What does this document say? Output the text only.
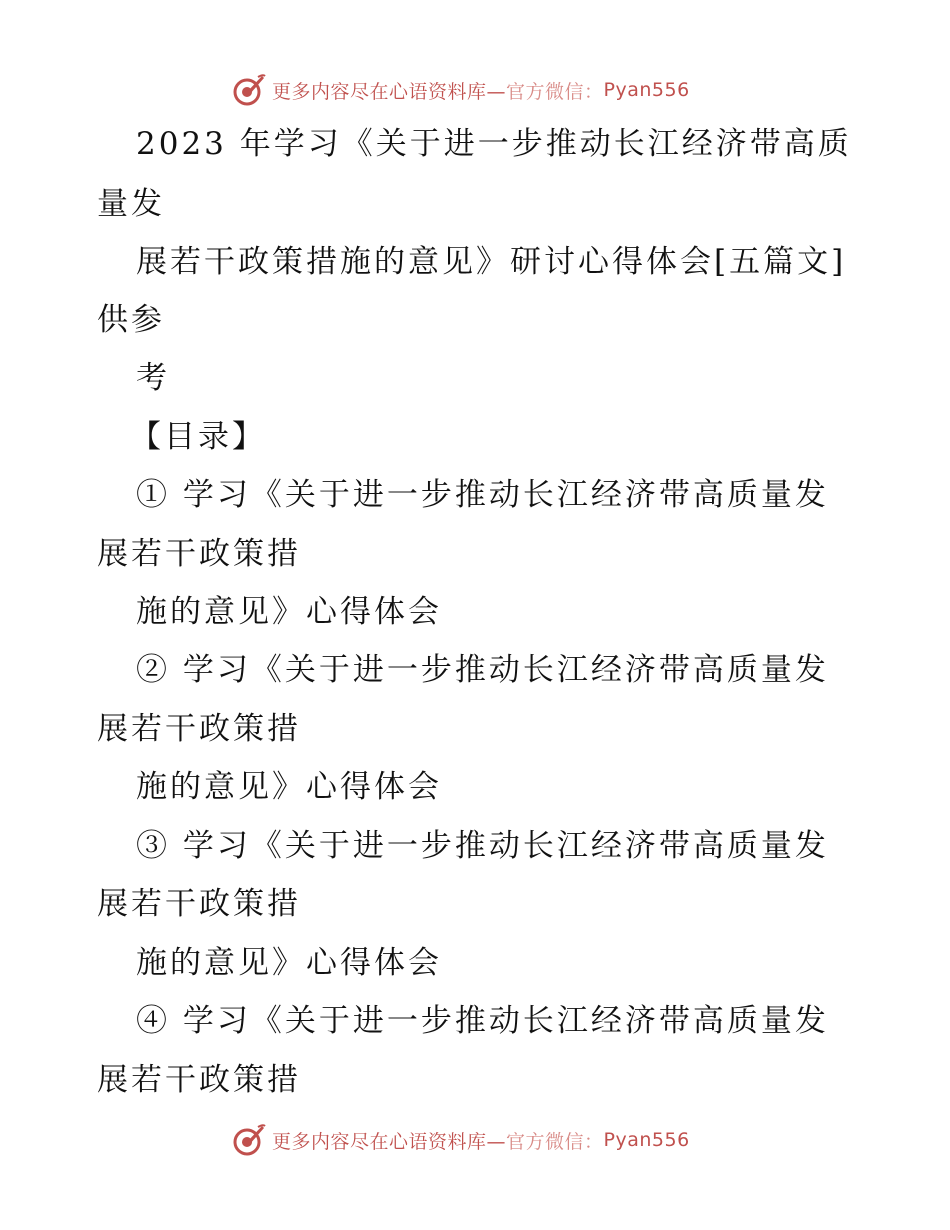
更多内容尽在心语资料库— 官方微信： Pyan556
2023 年学习《关于进一步推动长江经济带高质
量发
展若干政策措施的意见》研讨心得体会[五篇文]
供参
考
【目录】
① 学习《关于进一步推动长江经济带高质量发
展若干政策措
施的意见》心得体会
② 学习《关于进一步推动长江经济带高质量发
展若干政策措
施的意见》心得体会
③ 学习《关于进一步推动长江经济带高质量发
展若干政策措
施的意见》心得体会
④ 学习《关于进一步推动长江经济带高质量发
展若干政策措
更多内容尽在心语资料库— 官方微信： Pyan556
